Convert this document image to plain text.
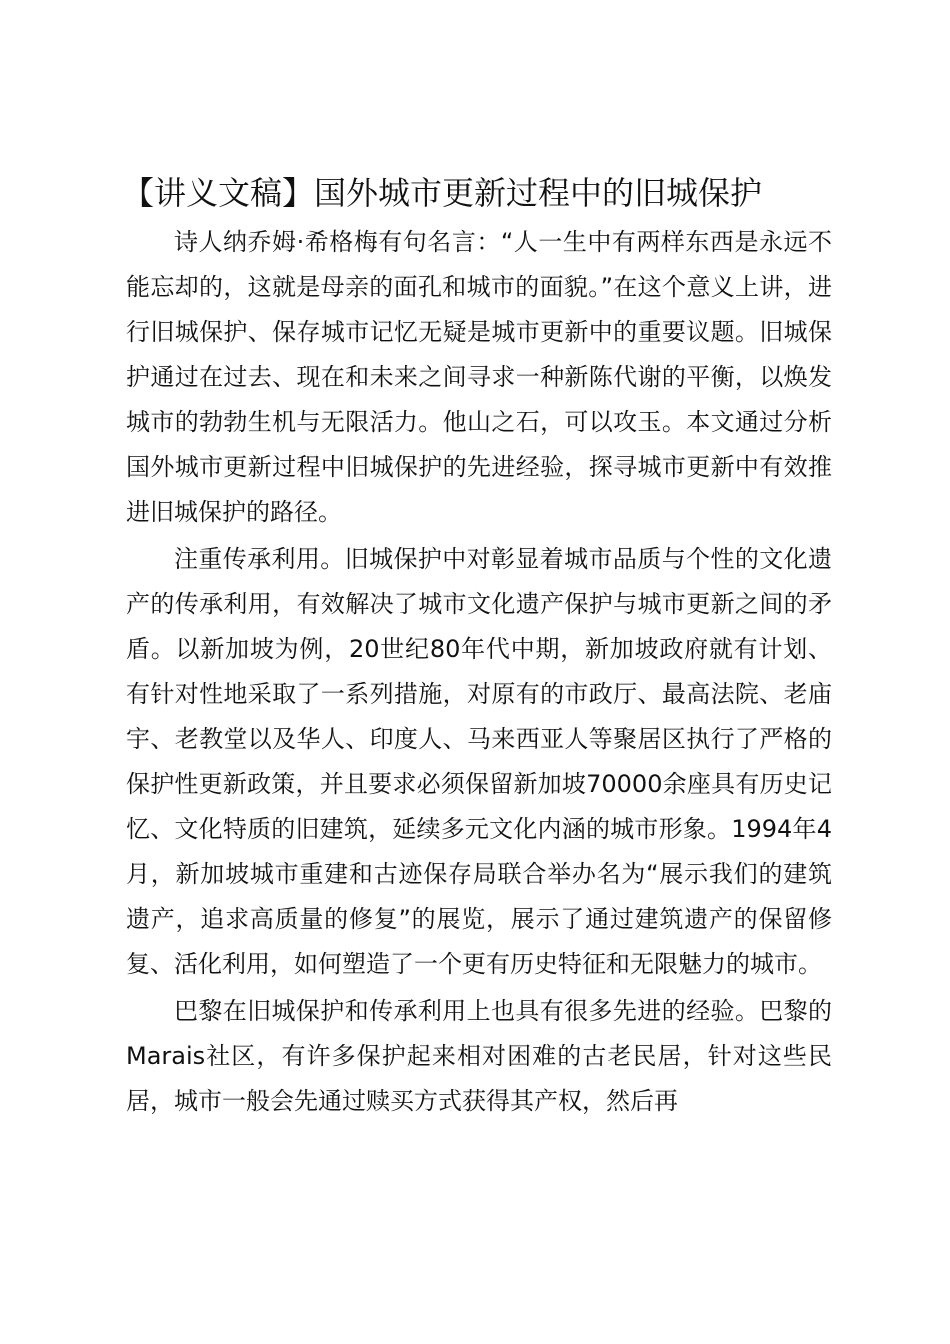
【讲义文稿】国外城市更新过程中的旧城保护

诗人纳乔姆·希格梅有句名言：“人一生中有两样东西是永远不能忘却的，这就是母亲的面孔和城市的面貌。”在这个意义上讲，进行旧城保护、保存城市记忆无疑是城市更新中的重要议题。旧城保护通过在过去、现在和未来之间寻求一种新陈代谢的平衡，以焕发城市的勃勃生机与无限活力。他山之石，可以攻玉。本文通过分析国外城市更新过程中旧城保护的先进经验，探寻城市更新中有效推进旧城保护的路径。

注重传承利用。旧城保护中对彰显着城市品质与个性的文化遗产的传承利用，有效解决了城市文化遗产保护与城市更新之间的矛盾。以新加坡为例，20世纪80年代中期，新加坡政府就有计划、有针对性地采取了一系列措施，对原有的市政厅、最高法院、老庙宇、老教堂以及华人、印度人、马来西亚人等聚居区执行了严格的保护性更新政策，并且要求必须保留新加坡70000余座具有历史记忆、文化特质的旧建筑，延续多元文化内涵的城市形象。1994年4月，新加坡城市重建和古迹保存局联合举办名为“展示我们的建筑遗产，追求高质量的修复”的展览，展示了通过建筑遗产的保留修复、活化利用，如何塑造了一个更有历史特征和无限魅力的城市。

巴黎在旧城保护和传承利用上也具有很多先进的经验。巴黎的Marais社区，有许多保护起来相对困难的古老民居，针对这些民居，城市一般会先通过赎买方式获得其产权，然后再
